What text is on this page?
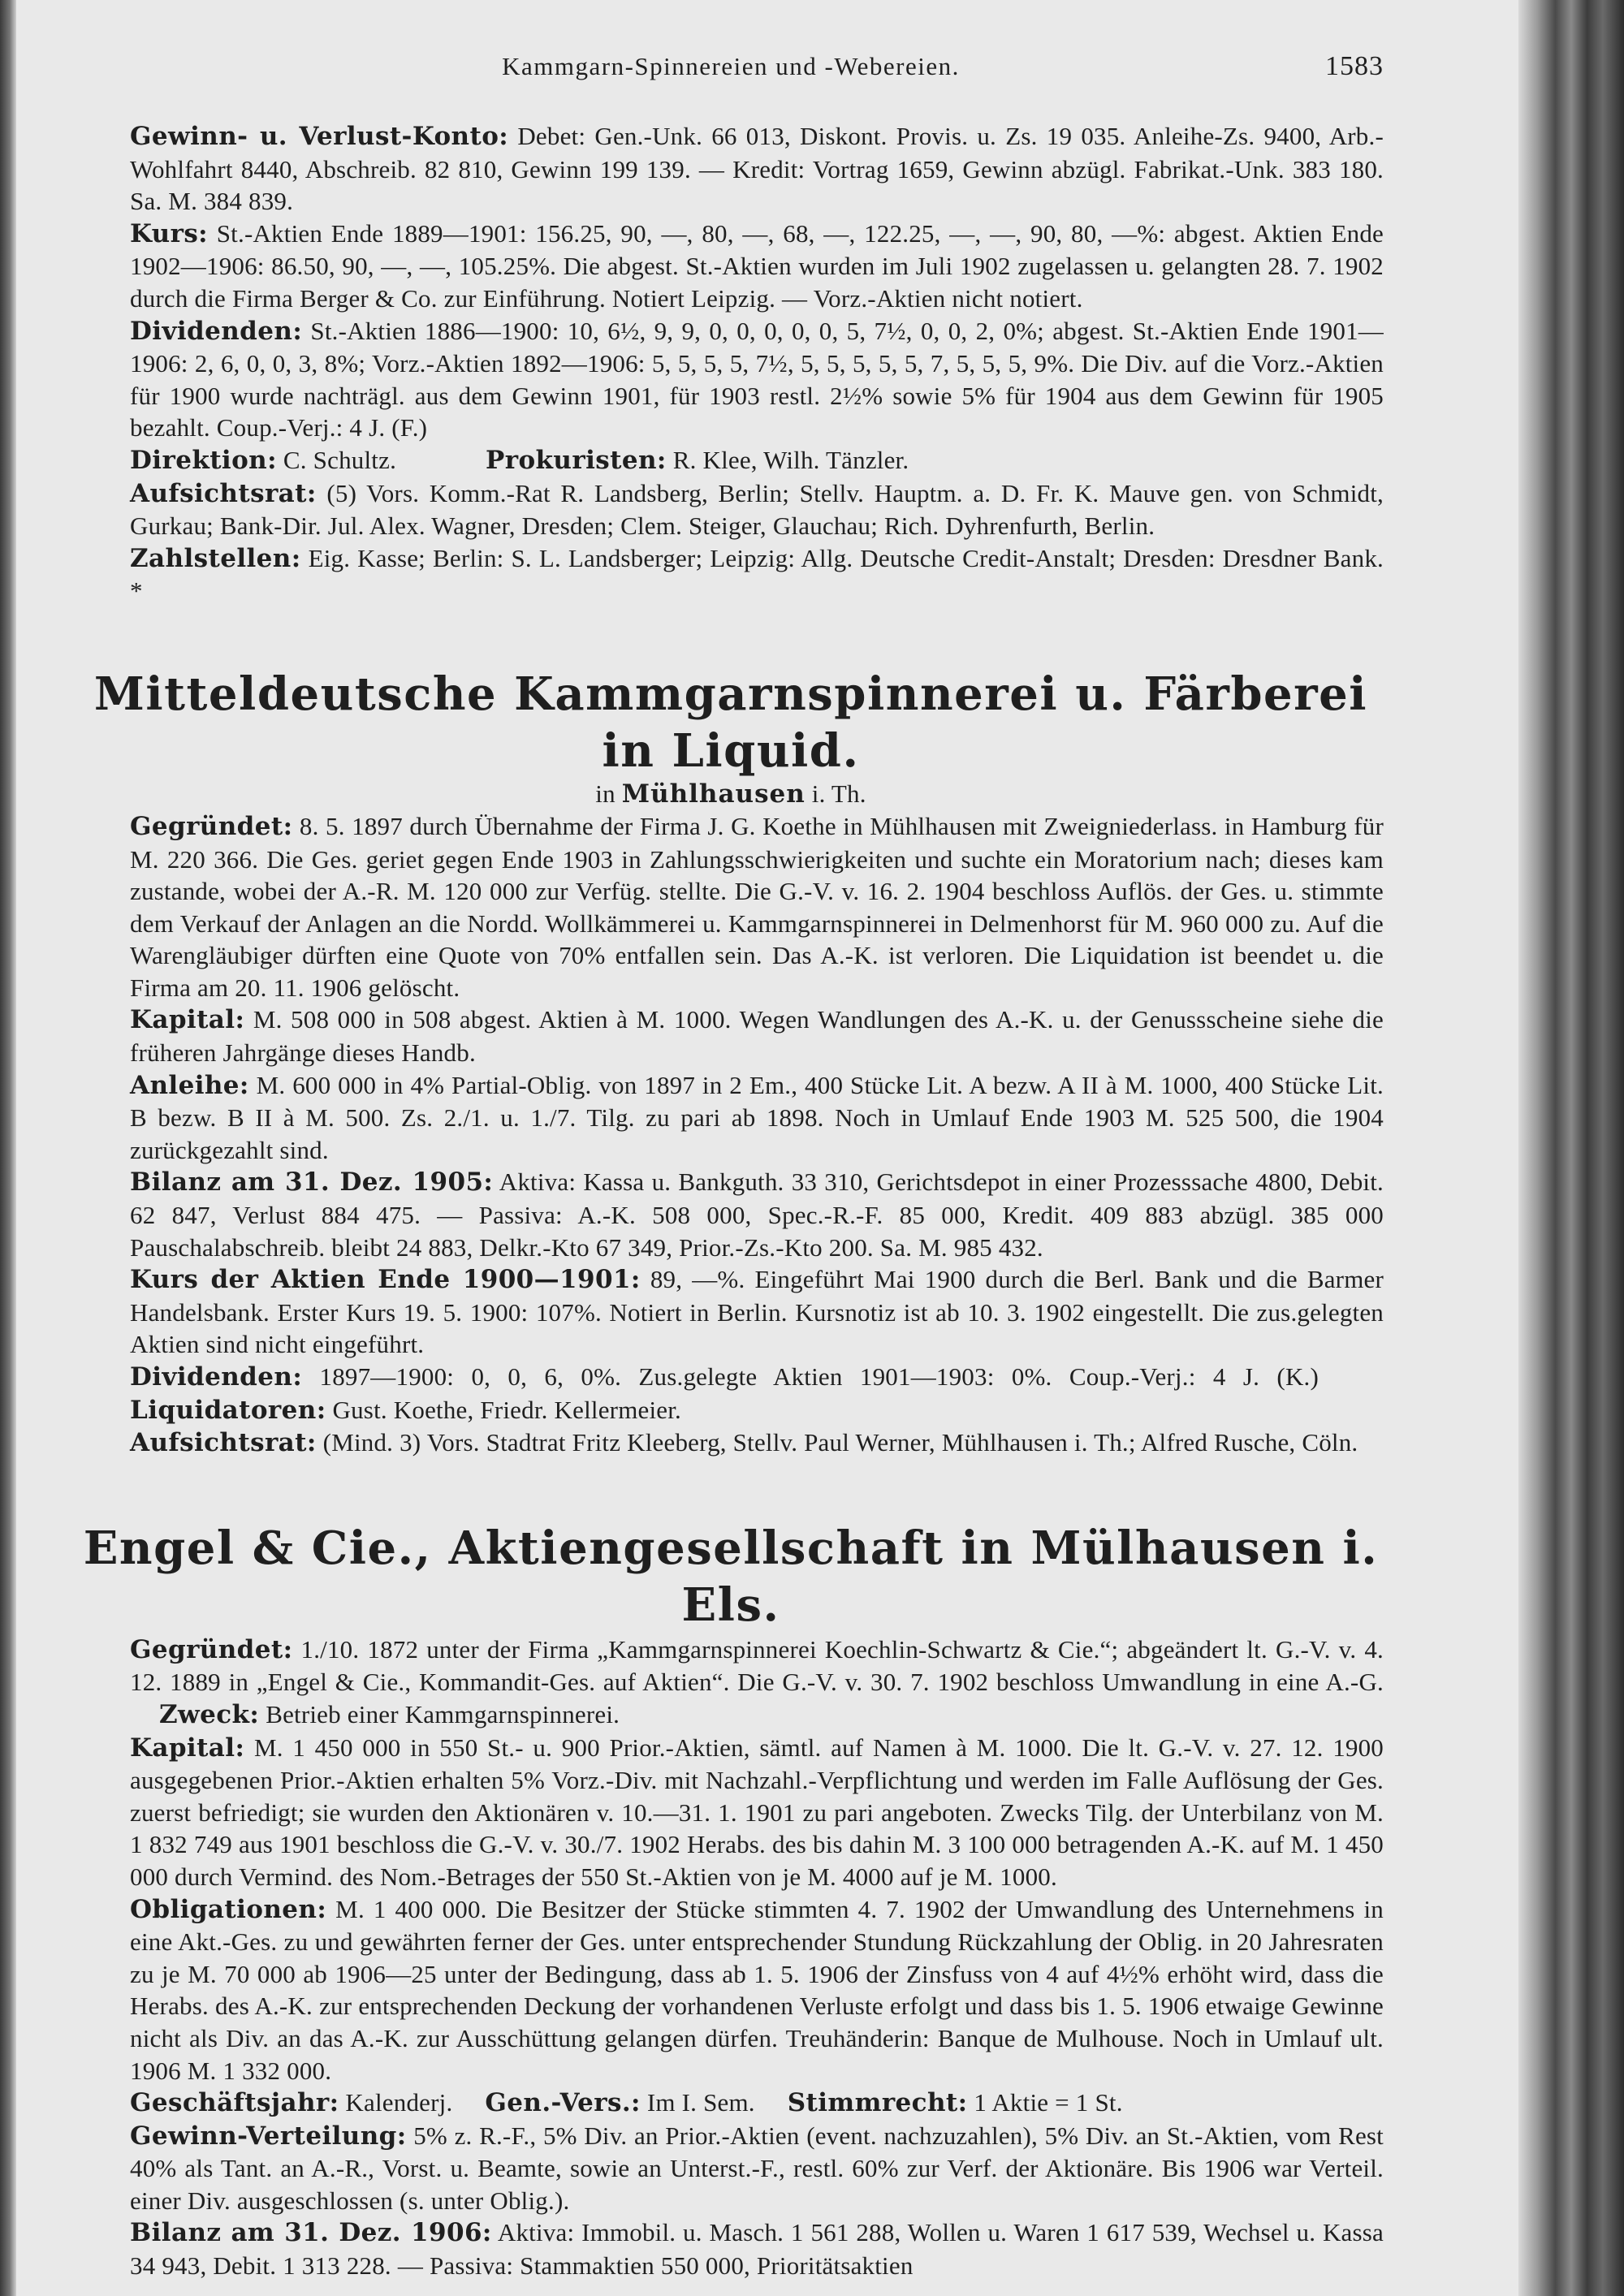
Kammgarn-Spinnereien und -Webereien.	1583

Gewinn- u. Verlust-Konto: Debet: Gen.-Unk. 66 013, Diskont. Provis. u. Zs. 19 035. Anleihe-Zs. 9400, Arb.-Wohlfahrt 8440, Abschreib. 82 810, Gewinn 199 139. — Kredit: Vortrag 1659, Gewinn abzügl. Fabrikat.-Unk. 383 180. Sa. M. 384 839.

Kurs: St.-Aktien Ende 1889—1901: 156.25, 90, —, 80, —, 68, —, 122.25, —, —, 90, 80, —%: abgest. Aktien Ende 1902—1906: 86.50, 90, —, —, 105.25%. Die abgest. St.-Aktien wurden im Juli 1902 zugelassen u. gelangten 28. 7. 1902 durch die Firma Berger & Co. zur Einführung. Notiert Leipzig. — Vorz.-Aktien nicht notiert.

Dividenden: St.-Aktien 1886—1900: 10, 6½, 9, 9, 0, 0, 0, 0, 0, 5, 7½, 0, 0, 2, 0%; abgest. St.-Aktien Ende 1901—1906: 2, 6, 0, 0, 3, 8%; Vorz.-Aktien 1892—1906: 5, 5, 5, 5, 7½, 5, 5, 5, 5, 5, 7, 5, 5, 5, 9%. Die Div. auf die Vorz.-Aktien für 1900 wurde nachträgl. aus dem Gewinn 1901, für 1903 restl. 2½% sowie 5% für 1904 aus dem Gewinn für 1905 bezahlt. Coup.-Verj.: 4 J. (F.)

Direktion: C. Schultz.	Prokuristen: R. Klee, Wilh. Tänzler.

Aufsichtsrat: (5) Vors. Komm.-Rat R. Landsberg, Berlin; Stellv. Hauptm. a. D. Fr. K. Mauve gen. von Schmidt, Gurkau; Bank-Dir. Jul. Alex. Wagner, Dresden; Clem. Steiger, Glauchau; Rich. Dyhrenfurth, Berlin.

Zahlstellen: Eig. Kasse; Berlin: S. L. Landsberger; Leipzig: Allg. Deutsche Credit-Anstalt; Dresden: Dresdner Bank. *

Mitteldeutsche Kammgarnspinnerei u. Färberei in Liquid.
in Mühlhausen i. Th.

Gegründet: 8. 5. 1897 durch Übernahme der Firma J. G. Koethe in Mühlhausen mit Zweigniederlass. in Hamburg für M. 220 366. Die Ges. geriet gegen Ende 1903 in Zahlungsschwierigkeiten und suchte ein Moratorium nach; dieses kam zustande, wobei der A.-R. M. 120 000 zur Verfüg. stellte. Die G.-V. v. 16. 2. 1904 beschloss Auflös. der Ges. u. stimmte dem Verkauf der Anlagen an die Nordd. Wollkämmerei u. Kammgarnspinnerei in Delmenhorst für M. 960 000 zu. Auf die Warengläubiger dürften eine Quote von 70% entfallen sein. Das A.-K. ist verloren. Die Liquidation ist beendet u. die Firma am 20. 11. 1906 gelöscht.

Kapital: M. 508 000 in 508 abgest. Aktien à M. 1000. Wegen Wandlungen des A.-K. u. der Genussscheine siehe die früheren Jahrgänge dieses Handb.

Anleihe: M. 600 000 in 4% Partial-Oblig. von 1897 in 2 Em., 400 Stücke Lit. A bezw. A II à M. 1000, 400 Stücke Lit. B bezw. B II à M. 500. Zs. 2./1. u. 1./7. Tilg. zu pari ab 1898. Noch in Umlauf Ende 1903 M. 525 500, die 1904 zurückgezahlt sind.

Bilanz am 31. Dez. 1905: Aktiva: Kassa u. Bankguth. 33 310, Gerichtsdepot in einer Prozesssache 4800, Debit. 62 847, Verlust 884 475. — Passiva: A.-K. 508 000, Spec.-R.-F. 85 000, Kredit. 409 883 abzügl. 385 000 Pauschalabschreib. bleibt 24 883, Delkr.-Kto 67 349, Prior.-Zs.-Kto 200. Sa. M. 985 432.

Kurs der Aktien Ende 1900—1901: 89, —%. Eingeführt Mai 1900 durch die Berl. Bank und die Barmer Handelsbank. Erster Kurs 19. 5. 1900: 107%. Notiert in Berlin. Kursnotiz ist ab 10. 3. 1902 eingestellt. Die zus.gelegten Aktien sind nicht eingeführt.

Dividenden: 1897—1900: 0, 0, 6, 0%. Zus.gelegte Aktien 1901—1903: 0%. Coup.-Verj.: 4 J. (K.)Liquidatoren: Gust. Koethe, Friedr. Kellermeier.

Aufsichtsrat: (Mind. 3) Vors. Stadtrat Fritz Kleeberg, Stellv. Paul Werner, Mühlhausen i. Th.; Alfred Rusche, Cöln.

Engel & Cie., Aktiengesellschaft in Mülhausen i. Els.

Gegründet: 1./10. 1872 unter der Firma „Kammgarnspinnerei Koechlin-Schwartz & Cie.“; abgeändert lt. G.-V. v. 4. 12. 1889 in „Engel & Cie., Kommandit-Ges. auf Aktien“. Die G.-V. v. 30. 7. 1902 beschloss Umwandlung in eine A.-G.Zweck: Betrieb einer Kammgarnspinnerei.

Kapital: M. 1 450 000 in 550 St.- u. 900 Prior.-Aktien, sämtl. auf Namen à M. 1000. Die lt. G.-V. v. 27. 12. 1900 ausgegebenen Prior.-Aktien erhalten 5% Vorz.-Div. mit Nachzahl.-Verpflichtung und werden im Falle Auflösung der Ges. zuerst befriedigt; sie wurden den Aktionären v. 10.—31. 1. 1901 zu pari angeboten. Zwecks Tilg. der Unterbilanz von M. 1 832 749 aus 1901 beschloss die G.-V. v. 30./7. 1902 Herabs. des bis dahin M. 3 100 000 betragenden A.-K. auf M. 1 450 000 durch Vermind. des Nom.-Betrages der 550 St.-Aktien von je M. 4000 auf je M. 1000.

Obligationen: M. 1 400 000. Die Besitzer der Stücke stimmten 4. 7. 1902 der Umwandlung des Unternehmens in eine Akt.-Ges. zu und gewährten ferner der Ges. unter entsprechender Stundung Rückzahlung der Oblig. in 20 Jahresraten zu je M. 70 000 ab 1906—25 unter der Bedingung, dass ab 1. 5. 1906 der Zinsfuss von 4 auf 4½% erhöht wird, dass die Herabs. des A.-K. zur entsprechenden Deckung der vorhandenen Verluste erfolgt und dass bis 1. 5. 1906 etwaige Gewinne nicht als Div. an das A.-K. zur Ausschüttung gelangen dürfen. Treuhänderin: Banque de Mulhouse. Noch in Umlauf ult. 1906 M. 1 332 000.

Geschäftsjahr: Kalenderj. Gen.-Vers.: Im I. Sem. Stimmrecht: 1 Aktie = 1 St.

Gewinn-Verteilung: 5% z. R.-F., 5% Div. an Prior.-Aktien (event. nachzuzahlen), 5% Div. an St.-Aktien, vom Rest 40% als Tant. an A.-R., Vorst. u. Beamte, sowie an Unterst.-F., restl. 60% zur Verf. der Aktionäre. Bis 1906 war Verteil. einer Div. ausgeschlossen (s. unter Oblig.).

Bilanz am 31. Dez. 1906: Aktiva: Immobil. u. Masch. 1 561 288, Wollen u. Waren 1 617 539, Wechsel u. Kassa 34 943, Debit. 1 313 228. — Passiva: Stammaktien 550 000, Prioritätsaktien
